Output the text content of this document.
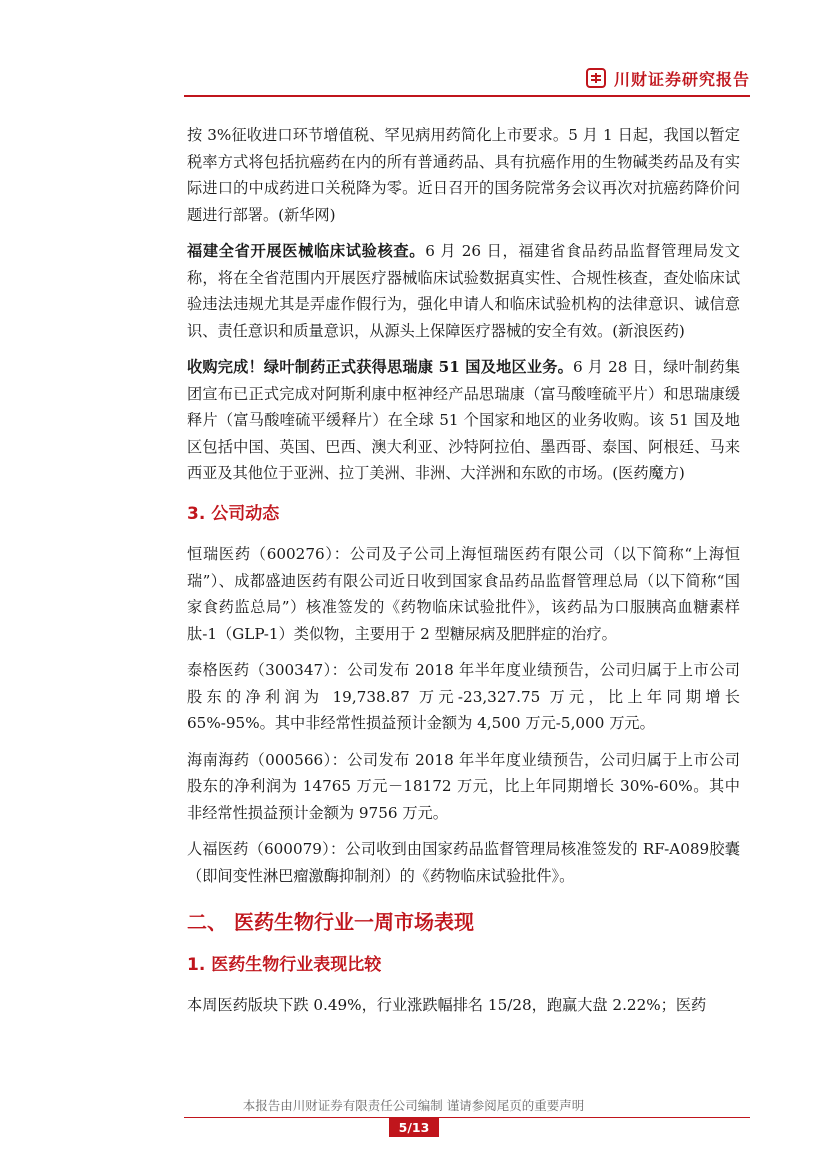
川财证券研究报告

按 3%征收进口环节增值税、罕见病用药简化上市要求。5 月 1 日起，我国以暂定税率方式将包括抗癌药在内的所有普通药品、具有抗癌作用的生物碱类药品及有实际进口的中成药进口关税降为零。近日召开的国务院常务会议再次对抗癌药降价问题进行部署。(新华网)

福建全省开展医械临床试验核查。6 月 26 日，福建省食品药品监督管理局发文称，将在全省范围内开展医疗器械临床试验数据真实性、合规性核查，查处临床试验违法违规尤其是弄虚作假行为，强化申请人和临床试验机构的法律意识、诚信意识、责任意识和质量意识，从源头上保障医疗器械的安全有效。(新浪医药)

收购完成！绿叶制药正式获得思瑞康 51 国及地区业务。6 月 28 日，绿叶制药集团宣布已正式完成对阿斯利康中枢神经产品思瑞康（富马酸喹硫平片）和思瑞康缓释片（富马酸喹硫平缓释片）在全球 51 个国家和地区的业务收购。该 51 国及地区包括中国、英国、巴西、澳大利亚、沙特阿拉伯、墨西哥、泰国、阿根廷、马来西亚及其他位于亚洲、拉丁美洲、非洲、大洋洲和东欧的市场。(医药魔方)

3. 公司动态

恒瑞医药（600276）：公司及子公司上海恒瑞医药有限公司（以下简称“上海恒瑞”）、成都盛迪医药有限公司近日收到国家食品药品监督管理总局（以下简称“国家食药监总局”）核准签发的《药物临床试验批件》，该药品为口服胰高血糖素样肽-1（GLP-1）类似物，主要用于 2 型糖尿病及肥胖症的治疗。

泰格医药（300347）：公司发布 2018 年半年度业绩预告，公司归属于上市公司股东的净利润为 19,738.87 万元-23,327.75 万元，比上年同期增长 65%-95%。其中非经常性损益预计金额为 4,500 万元-5,000 万元。

海南海药（000566）：公司发布 2018 年半年度业绩预告，公司归属于上市公司股东的净利润为 14765 万元－18172 万元，比上年同期增长 30%-60%。其中非经常性损益预计金额为 9756 万元。

人福医药（600079）：公司收到由国家药品监督管理局核准签发的 RF-A089胶囊（即间变性淋巴瘤激酶抑制剂）的《药物临床试验批件》。

二、 医药生物行业一周市场表现
1. 医药生物行业表现比较

本周医药版块下跌 0.49%，行业涨跌幅排名 15/28，跑赢大盘 2.22%；医药

本报告由川财证券有限责任公司编制 谨请参阅尾页的重要声明
5/13
